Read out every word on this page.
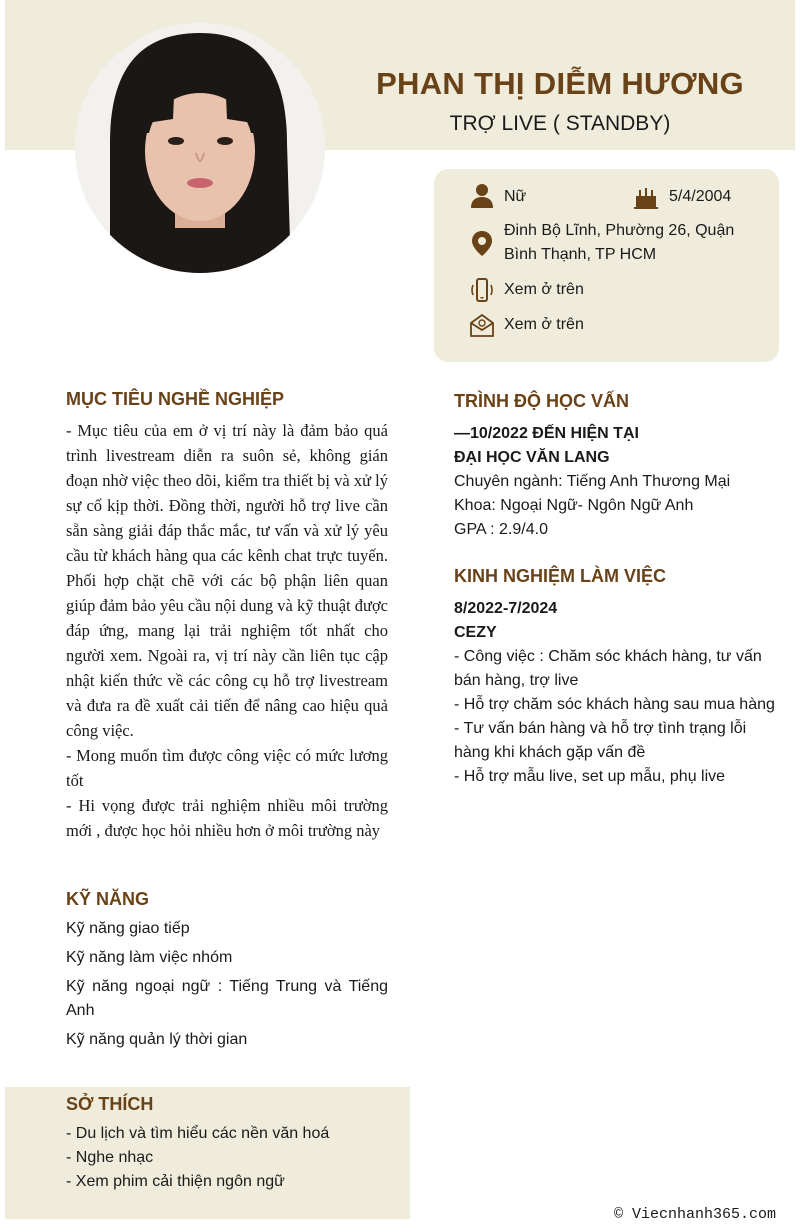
PHAN THỊ DIỄM HƯƠNG
TRỢ LIVE ( STANDBY)
Nữ	5/4/2004
Đinh Bộ Lĩnh, Phường 26, Quận
Bình Thạnh, TP HCM
Xem ở trên
Xem ở trên
MỤC TIÊU NGHỀ NGHIỆP

- Mục tiêu của em ở vị trí này là đảm bảo quá trình livestream diễn ra suôn sẻ, không gián đoạn nhờ việc theo dõi, kiểm tra thiết bị và xử lý sự cố kịp thời. Đồng thời, người hỗ trợ live cần sẵn sàng giải đáp thắc mắc, tư vấn và xử lý yêu cầu từ khách hàng qua các kênh chat trực tuyến. Phối hợp chặt chẽ với các bộ phận liên quan giúp đảm bảo yêu cầu nội dung và kỹ thuật được đáp ứng, mang lại trải nghiệm tốt nhất cho người xem. Ngoài ra, vị trí này cần liên tục cập nhật kiến thức về các công cụ hỗ trợ livestream và đưa ra đề xuất cải tiến để nâng cao hiệu quả công việc.

- Mong muốn tìm được công việc có mức lương tốt

- Hi vọng được trải nghiệm nhiều môi trường mới , được học hỏi nhiều hơn ở môi trường này

KỸ NĂNG
Kỹ năng giao tiếp
Kỹ năng làm việc nhóm
Kỹ năng ngoại ngữ : Tiếng Trung và Tiếng Anh
Kỹ năng quản lý thời gian
SỞ THÍCH
- Du lịch và tìm hiểu các nền văn hoá
- Nghe nhạc
- Xem phim cải thiện ngôn ngữ
TRÌNH ĐỘ HỌC VẤN
—10/2022 ĐẾN HIỆN TẠI
ĐẠI HỌC VĂN LANG
Chuyên ngành: Tiếng Anh Thương Mại
Khoa: Ngoại Ngữ- Ngôn Ngữ Anh
GPA : 2.9/4.0
KINH NGHIỆM LÀM VIỆC
8/2022-7/2024
CEZY
- Công việc : Chăm sóc khách hàng, tư vấn bán hàng, trợ live
- Hỗ trợ chăm sóc khách hàng sau mua hàng
- Tư vấn bán hàng và hỗ trợ tình trạng lỗi hàng khi khách gặp vấn đề
- Hỗ trợ mẫu live, set up mẫu, phụ live
© Viecnhanh365.com
